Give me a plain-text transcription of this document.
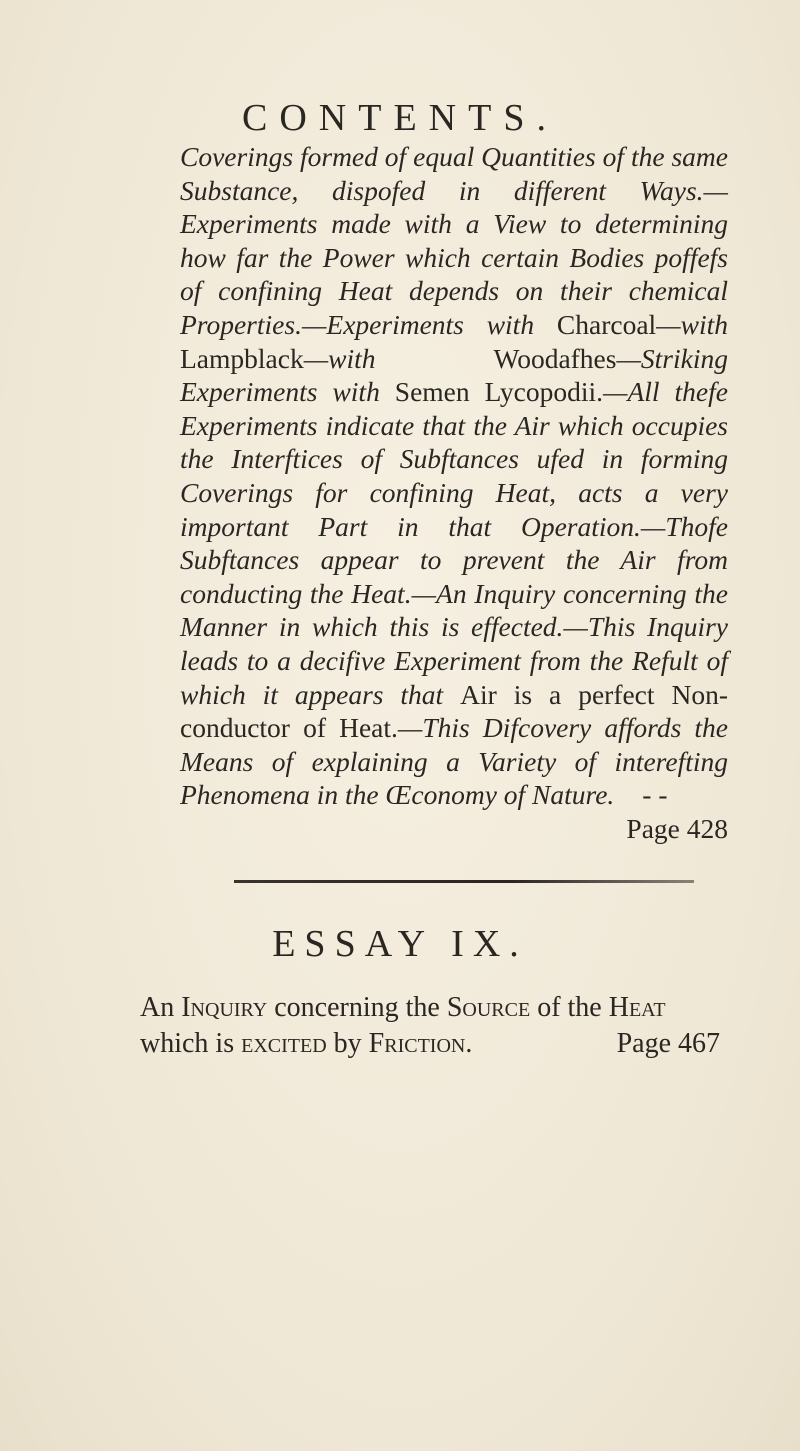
CONTENTS.
Coverings formed of equal Quantities of the same Substance, dispofed in different Ways.—Experiments made with a View to determining how far the Power which certain Bodies poffefs of confining Heat depends on their chemical Properties.—Experiments with Charcoal—with Lampblack—with Woodafhes—Striking Experiments with Semen Lycopodii.—All thefe Experiments indicate that the Air which occupies the Interftices of Subftances ufed in forming Coverings for confining Heat, acts a very important Part in that Operation.—Thofe Subftances appear to prevent the Air from conducting the Heat.—An Inquiry concerning the Manner in which this is effected.—This Inquiry leads to a decifive Experiment from the Refult of which it appears that Air is a perfect Non-conductor of Heat.—This Difcovery affords the Means of explaining a Variety of interefting Phenomena in the Œconomy of Nature. - -
Page 428
ESSAY IX.
An Inquiry concerning the Source of the Heat
which is excited by Friction.	Page 467
